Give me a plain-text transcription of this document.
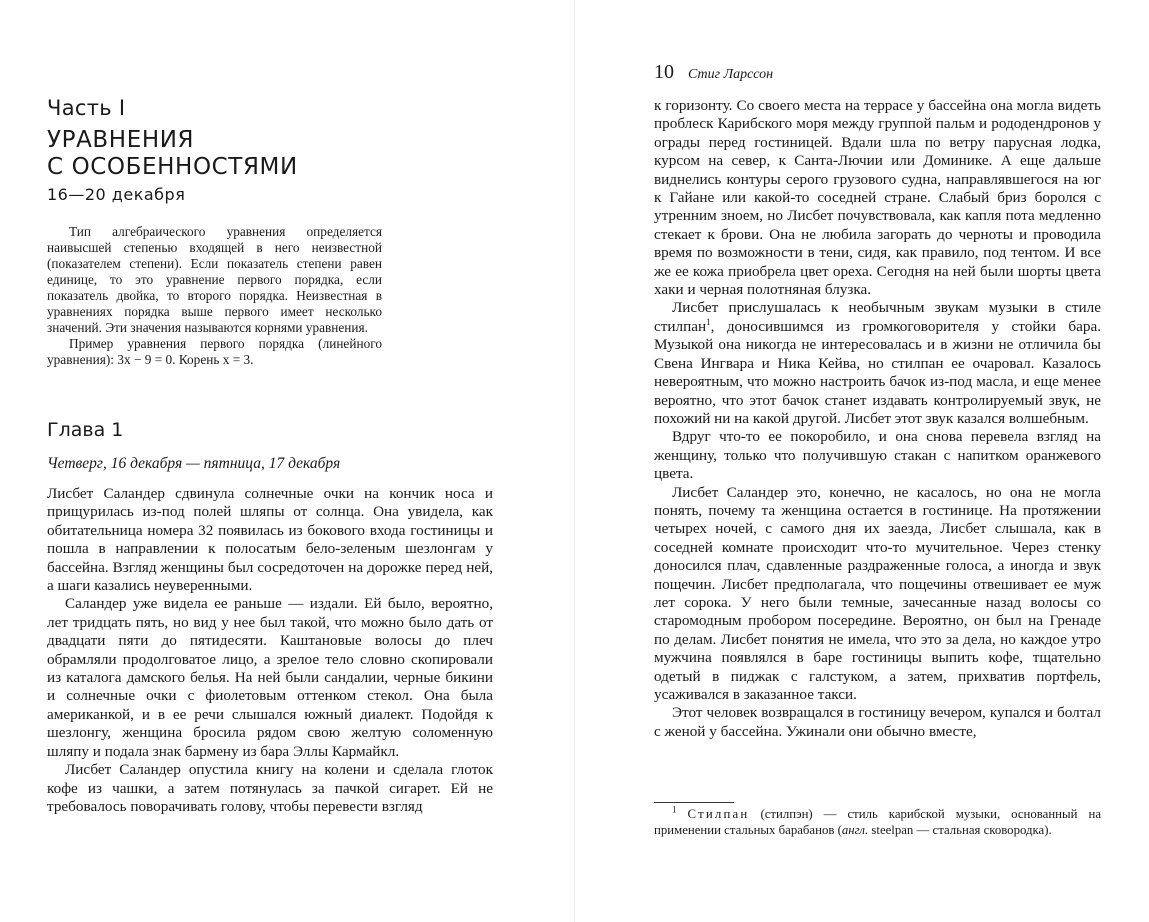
Часть I
УРАВНЕНИЯ
С ОСОБЕННОСТЯМИ
16—20 декабря

Тип алгебраического уравнения определяется наивысшей степенью входящей в него неизвестной (показателем степени). Если показатель степени равен единице, то это уравнение первого порядка, если показатель двойка, то второго порядка. Неизвестная в уравнениях порядка выше первого имеет несколько значений. Эти значения называются корнями уравнения.

Пример уравнения первого порядка (линейного уравнения): 3x − 9 = 0. Корень x = 3.

Глава 1
Четверг, 16 декабря — пятница, 17 декабря

Лисбет Саландер сдвинула солнечные очки на кончик носа и прищурилась из-под полей шляпы от солнца. Она увидела, как обитательница номера 32 появилась из бокового входа гостиницы и пошла в направлении к полосатым бело-зеленым шезлонгам у бассейна. Взгляд женщины был сосредоточен на дорожке перед ней, а шаги казались неуверенными.

Саландер уже видела ее раньше — издали. Ей было, вероятно, лет тридцать пять, но вид у нее был такой, что можно было дать от двадцати пяти до пятидесяти. Каштановые волосы до плеч обрамляли продолговатое лицо, а зрелое тело словно скопировали из каталога дамского белья. На ней были сандалии, черные бикини и солнечные очки с фиолетовым оттенком стекол. Она была американкой, и в ее речи слышался южный диалект. Подойдя к шезлонгу, женщина бросила рядом свою желтую соломенную шляпу и подала знак бармену из бара Эллы Кармайкл.

Лисбет Саландер опустила книгу на колени и сделала глоток кофе из чашки, а затем потянулась за пачкой сигарет. Ей не требовалось поворачивать голову, чтобы перевести взгляд

10 Стиг Ларссон

к горизонту. Со своего места на террасе у бассейна она могла видеть проблеск Карибского моря между группой пальм и рододендронов у ограды перед гостиницей. Вдали шла по ветру парусная лодка, курсом на север, к Санта-Лючии или Доминике. А еще дальше виднелись контуры серого грузового судна, направлявшегося на юг к Гайане или какой-то соседней стране. Слабый бриз боролся с утренним зноем, но Лисбет почувствовала, как капля пота медленно стекает к брови. Она не любила загорать до черноты и проводила время по возможности в тени, сидя, как правило, под тентом. И все же ее кожа приобрела цвет ореха. Сегодня на ней были шорты цвета хаки и черная полотняная блузка.

Лисбет прислушалась к необычным звукам музыки в стиле стилпан$^1$, доносившимся из громкоговорителя у стойки бара. Музыкой она никогда не интересовалась и в жизни не отличила бы Свена Ингвара и Ника Кейва, но стилпан ее очаровал. Казалось невероятным, что можно настроить бачок из-под масла, и еще менее вероятно, что этот бачок станет издавать контролируемый звук, не похожий ни на какой другой. Лисбет этот звук казался волшебным.

Вдруг что-то ее покоробило, и она снова перевела взгляд на женщину, только что получившую стакан с напитком оранжевого цвета.

Лисбет Саландер это, конечно, не касалось, но она не могла понять, почему та женщина остается в гостинице. На протяжении четырех ночей, с самого дня их заезда, Лисбет слышала, как в соседней комнате происходит что-то мучительное. Через стенку доносился плач, сдавленные раздраженные голоса, а иногда и звук пощечин. Лисбет предполагала, что пощечины отвешивает ее муж лет сорока. У него были темные, зачесанные назад волосы со старомодным пробором посередине. Вероятно, он был на Гренаде по делам. Лисбет понятия не имела, что это за дела, но каждое утро мужчина появлялся в баре гостиницы выпить кофе, тщательно одетый в пиджак с галстуком, а затем, прихватив портфель, усаживался в заказанное такси.

Этот человек возвращался в гостиницу вечером, купался и болтал с женой у бассейна. Ужинали они обычно вместе,

$^1$ Стилпан (стилпэн) — стиль карибской музыки, основанный на применении стальных барабанов (англ. steelpan — стальная сковородка).
